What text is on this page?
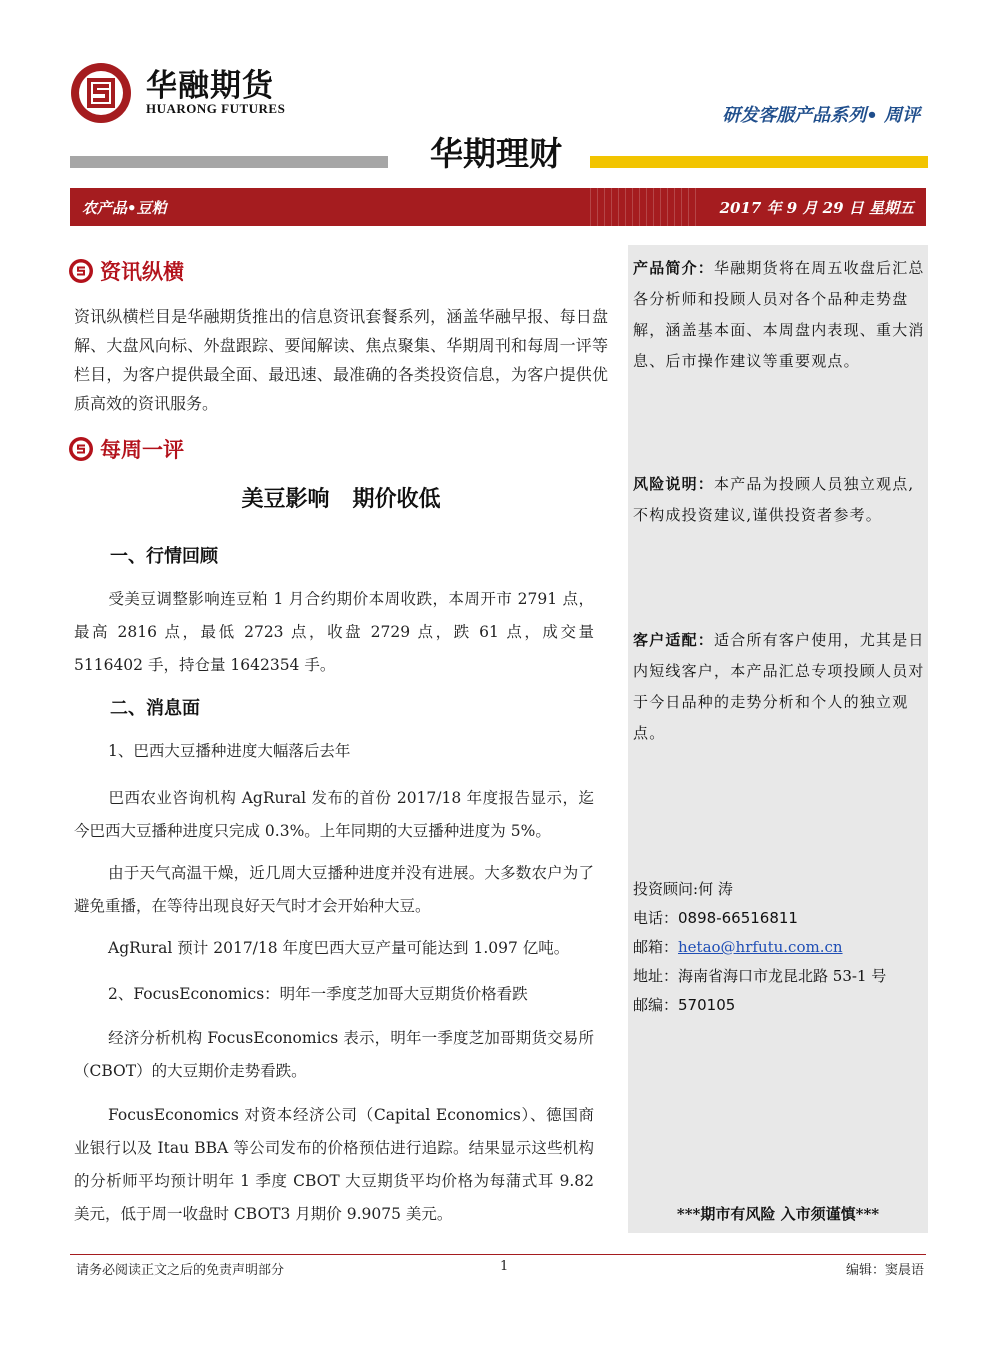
华融期货
HUARONG FUTURES	研发客服产品系列• 周评
华期理财
农产品•豆粕	2017 年 9 月 29 日 星期五
资讯纵横
资讯纵横栏目是华融期货推出的信息资讯套餐系列，涵盖华融早报、每日盘解、大盘风向标、外盘跟踪、要闻解读、焦点聚集、华期周刊和每周一评等栏目，为客户提供最全面、最迅速、最准确的各类投资信息，为客户提供优质高效的资讯服务。
每周一评
美豆影响   期价收低
一、行情回顾
受美豆调整影响连豆粕 1 月合约期价本周收跌，本周开市 2791 点，最高 2816 点，最低 2723 点，收盘 2729 点，跌 61 点，成交量 5116402 手，持仓量 1642354 手。
二、消息面
1、巴西大豆播种进度大幅落后去年
巴西农业咨询机构 AgRural 发布的首份 2017/18 年度报告显示，迄今巴西大豆播种进度只完成 0.3%。上年同期的大豆播种进度为 5%。
由于天气高温干燥，近几周大豆播种进度并没有进展。大多数农户为了避免重播，在等待出现良好天气时才会开始种大豆。
AgRural 预计 2017/18 年度巴西大豆产量可能达到 1.097 亿吨。
2、FocusEconomics：明年一季度芝加哥大豆期货价格看跌
经济分析机构 FocusEconomics 表示，明年一季度芝加哥期货交易所（CBOT）的大豆期价走势看跌。
FocusEconomics 对资本经济公司（Capital Economics）、德国商业银行以及 Itau BBA 等公司发布的价格预估进行追踪。结果显示这些机构的分析师平均预计明年 1 季度 CBOT 大豆期货平均价格为每蒲式耳 9.82 美元，低于周一收盘时 CBOT3 月期价 9.9075 美元。
产品简介：华融期货将在周五收盘后汇总各分析师和投顾人员对各个品种走势盘解，涵盖基本面、本周盘内表现、重大消息、后市操作建议等重要观点。
风险说明：本产品为投顾人员独立观点,不构成投资建议,谨供投资者参考。
客户适配：适合所有客户使用，尤其是日内短线客户，本产品汇总专项投顾人员对于今日品种的走势分析和个人的独立观点。
投资顾问:何 涛
电话：0898-66516811
邮箱：hetao@hrfutu.com.cn
地址：海南省海口市龙昆北路 53-1 号
邮编：570105
***期市有风险 入市须谨慎***
请务必阅读正文之后的免责声明部分	1	编辑：窦晨语
